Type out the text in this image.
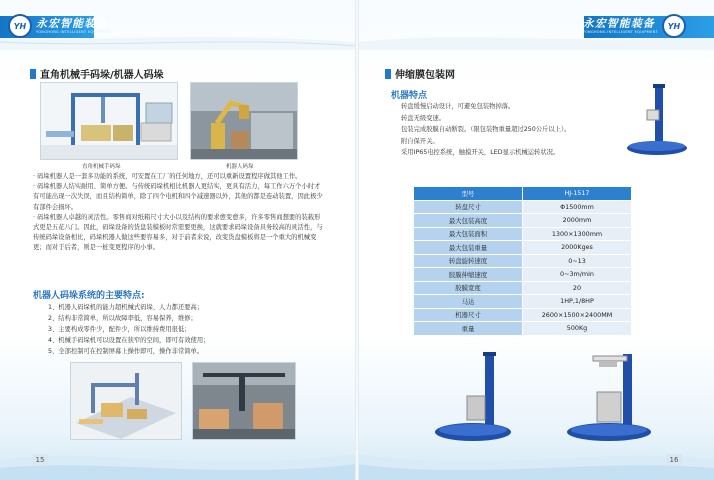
YH 永宏智能装备
YONGHONG INTELLIGENT EQUIPMENT
直角机械手码垛/机器人码垛
直角机械手码垛	机器人码垛

· 码垛机器人是一套多功能的系统，可安置在工厂的任何地方，还可以重新设置程序做其他工作。

· 码垛机器人结实耐用、简单方便。与传统码垛机相比机器人更结实，更具有活力，每工作六万个小时才有可能出现一次失误，而且结构简单，除了四个电机和四个减速器以外，其他的都是连动装置，因此极少有部件会损坏。

· 码垛机器人卓越的灵活性。零售商对纸箱尺寸大小以及结构的要求愈变愈多，许多零售商想要的装载形式更是五花八门。因此，码垛设备的货盘装模板时常需要更换，这就要求码垛设备具务较高的灵活性，与传统码垛设备相比，码垛机器人做这些要容易多，对于前者来说，改变货盘模板将是一个重大的机械变更；而对于后者，则是一桩变更程序的小事。

机器人码垛系统的主要特点:
1、机器人码垛机的能力超机械式码垛、人力都还要高；
2、结构非常简单，所以故障率低，容易保养，维修；
3、主要构成零件少，配件少，所以维持费用很低；
4、机械手码垛机可以设置在狭窄的空间，即可有效使用；
5、全部控制可在控制屏幕上操作即可，操作非常简单。
15
YH
永宏智能装备
YONGHONG INTELLIGENT EQUIPMENT
伸缩膜包装网
机器特点
转盘缓慢启动设计，可避免包装物掉落。
转盘无级变速。
包装完成胶膜自动断裂。（限包装物重量超过250公斤以上）。
附自保开关。
采用IP65电控系统，触摸开关，LED显示机械运转状况。
型号	HJ-1517
转盘尺寸	Φ1500mm
最大包装高度	2000mm
最大包装面积	1300×1300mm
最大包装重量	2000Kges
转盘旋转速度	0~13
胶膜伸缩速度	0~3m/min
胶膜宽度	20
马达	1HP,1/8HP
机器尺寸	2600×1500×2400MM
重量	500Kg
16
